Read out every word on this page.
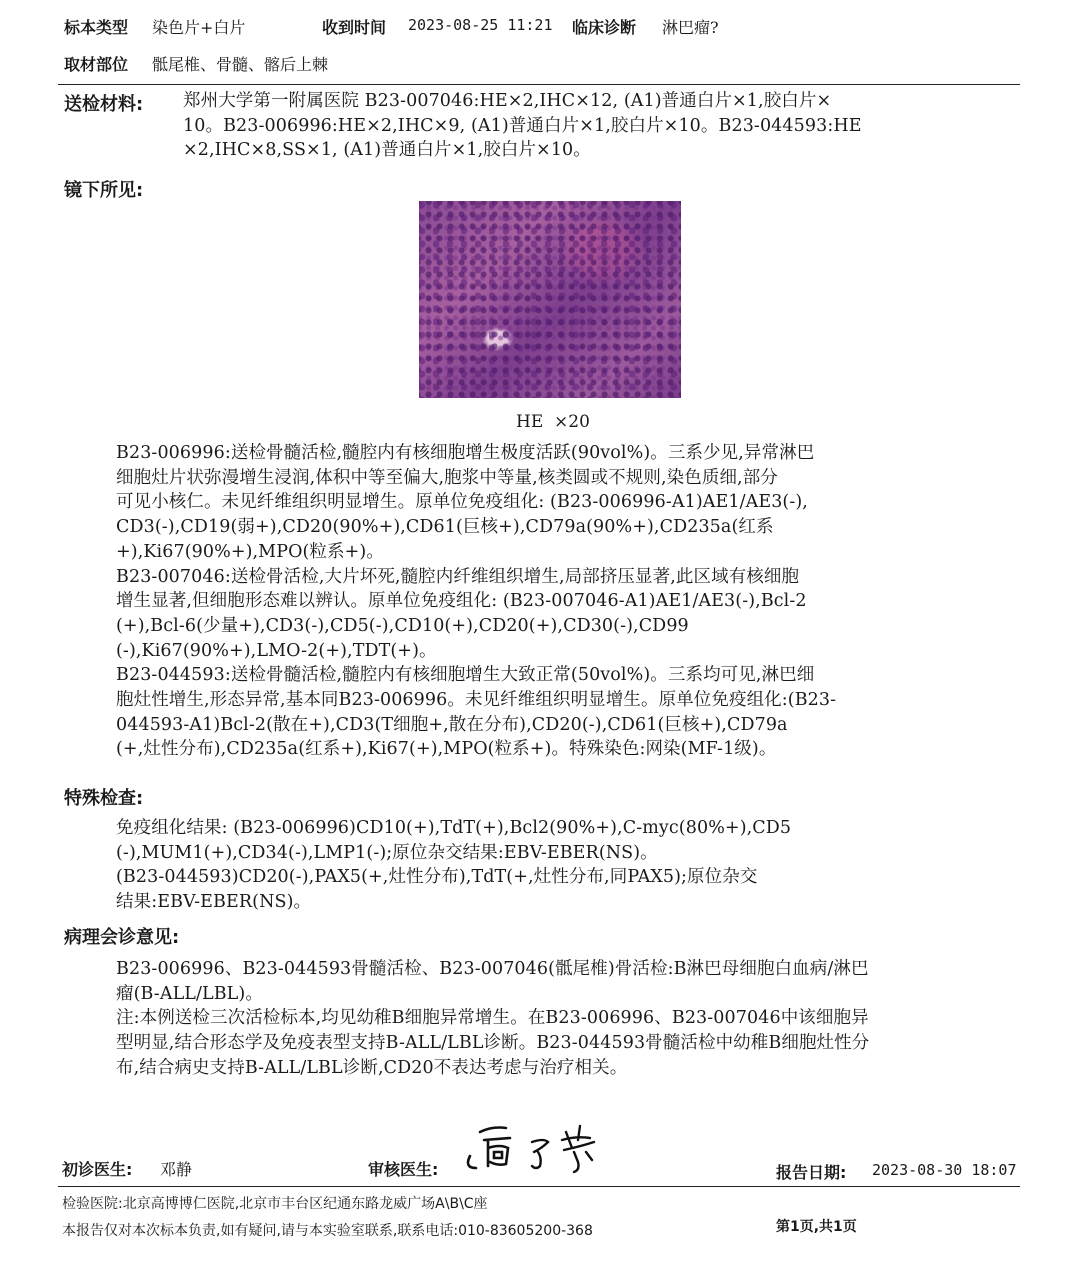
标本类型 染色片+白片	收到时间 2023-08-25 11:21 临床诊断 淋巴瘤?
取材部位 骶尾椎、骨髓、髂后上棘
送检材料: 郑州大学第一附属医院 B23-007046:HE×2,IHC×12, (A1)普通白片×1,胶白片×

10。B23-006996:HE×2,IHC×9, (A1)普通白片×1,胶白片×10。B23-044593:HE

×2,IHC×8,SS×1, (A1)普通白片×1,胶白片×10。

镜下所见:
HE  ×20

B23-006996:送检骨髓活检,髓腔内有核细胞增生极度活跃(90vol%)。三系少见,异常淋巴

细胞灶片状弥漫增生浸润,体积中等至偏大,胞浆中等量,核类圆或不规则,染色质细,部分

可见小核仁。未见纤维组织明显增生。原单位免疫组化: (B23-006996-A1)AE1/AE3(-),

CD3(-),CD19(弱+),CD20(90%+),CD61(巨核+),CD79a(90%+),CD235a(红系

+),Ki67(90%+),MPO(粒系+)。

B23-007046:送检骨活检,大片坏死,髓腔内纤维组织增生,局部挤压显著,此区域有核细胞

增生显著,但细胞形态难以辨认。原单位免疫组化: (B23-007046-A1)AE1/AE3(-),Bcl-2

(+),Bcl-6(少量+),CD3(-),CD5(-),CD10(+),CD20(+),CD30(-),CD99

(-),Ki67(90%+),LMO-2(+),TDT(+)。

B23-044593:送检骨髓活检,髓腔内有核细胞增生大致正常(50vol%)。三系均可见,淋巴细

胞灶性增生,形态异常,基本同B23-006996。未见纤维组织明显增生。原单位免疫组化:(B23-

044593-A1)Bcl-2(散在+),CD3(T细胞+,散在分布),CD20(-),CD61(巨核+),CD79a

(+,灶性分布),CD235a(红系+),Ki67(+),MPO(粒系+)。特殊染色:网染(MF-1级)。

特殊检查:

免疫组化结果: (B23-006996)CD10(+),TdT(+),Bcl2(90%+),C-myc(80%+),CD5

(-),MUM1(+),CD34(-),LMP1(-);原位杂交结果:EBV-EBER(NS)。

(B23-044593)CD20(-),PAX5(+,灶性分布),TdT(+,灶性分布,同PAX5);原位杂交

结果:EBV-EBER(NS)。

病理会诊意见:

B23-006996、B23-044593骨髓活检、B23-007046(骶尾椎)骨活检:B淋巴母细胞白血病/淋巴

瘤(B-ALL/LBL)。

注:本例送检三次活检标本,均见幼稚B细胞异常增生。在B23-006996、B23-007046中该细胞异

型明显,结合形态学及免疫表型支持B-ALL/LBL诊断。B23-044593骨髓活检中幼稚B细胞灶性分

布,结合病史支持B-ALL/LBL诊断,CD20不表达考虑与治疗相关。

初诊医生: 邓静	审核医生:	报告日期: 2023-08-30 18:07
检验医院:北京高博博仁医院,北京市丰台区纪通东路龙威广场A\B\C座
本报告仅对本次标本负责,如有疑问,请与本实验室联系,联系电话:010-83605200-368	第1页,共1页
